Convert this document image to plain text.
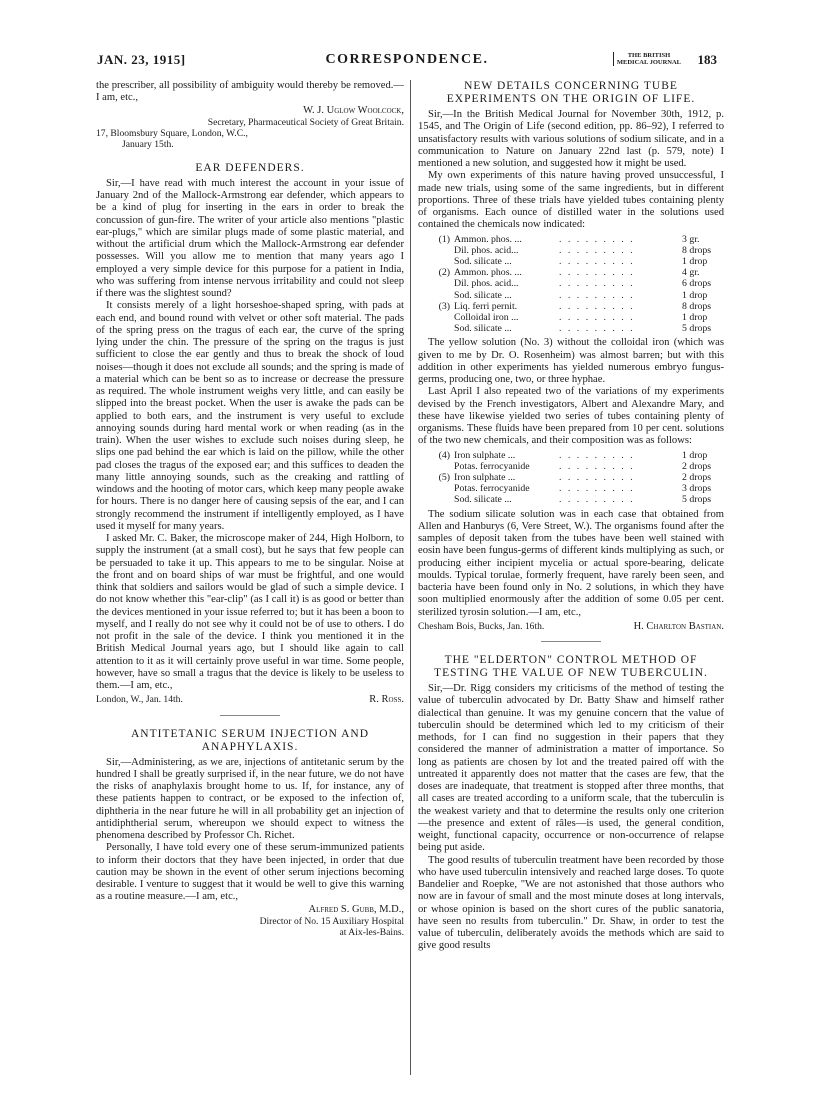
JAN. 23, 1915]	CORRESPONDENCE.	THE BRITISH
MEDICAL JOURNAL 183

the prescriber, all possibility of ambiguity would thereby be removed.—I am, etc.,

W. J. Uglow Woolcock,
Secretary, Pharmaceutical Society of Great Britain.
17, Bloomsbury Square, London, W.C.,
January 15th.
EAR DEFENDERS.

Sir,—I have read with much interest the account in your issue of January 2nd of the Mallock-Armstrong ear defender, which appears to be a kind of plug for inserting in the ears in order to break the concussion of gun-fire. The writer of your article also mentions "plastic ear-plugs," which are similar plugs made of some plastic material, and without the artificial drum which the Mallock-Armstrong ear defender possesses. Will you allow me to mention that many years ago I employed a very simple device for this purpose for a patient in India, who was suffering from intense nervous irritability and could not sleep if there was the slightest sound?

It consists merely of a light horseshoe-shaped spring, with pads at each end, and bound round with velvet or other soft material. The pads of the spring press on the tragus of each ear, the curve of the spring lying under the chin. The pressure of the spring on the tragus is just sufficient to close the ear gently and thus to break the shock of loud noises—though it does not exclude all sounds; and the spring is made of a material which can be bent so as to increase or decrease the pressure as required. The whole instrument weighs very little, and can easily be slipped into the breast pocket. When the user is awake the pads can be applied to both ears, and the instrument is very useful to exclude annoying sounds during hard mental work or when reading (as in the train). When the user wishes to exclude such noises during sleep, he slips one pad behind the ear which is laid on the pillow, while the other pad closes the tragus of the exposed ear; and this suffices to deaden the many little annoying sounds, such as the creaking and rattling of windows and the hooting of motor cars, which keep many people awake for hours. There is no danger here of causing sepsis of the ear, and I can strongly recommend the instrument if intelligently employed, as I have used it myself for many years.

I asked Mr. C. Baker, the microscope maker of 244, High Holborn, to supply the instrument (at a small cost), but he says that few people can be persuaded to take it up. This appears to me to be singular. Noise at the front and on board ships of war must be frightful, and one would think that soldiers and sailors would be glad of such a simple device. I do not know whether this "ear-clip" (as I call it) is as good or better than the devices mentioned in your issue referred to; but it has been a boon to myself, and I really do not see why it could not be of use to others. I do not profit in the sale of the device. I think you mentioned it in the British Medical Journal years ago, but I should like again to call attention to it as it will certainly prove useful in war time. Some people, however, have so small a tragus that the device is likely to be useless to them.—I am, etc.,

London, W., Jan. 14th.	R. Ross.
ANTITETANIC SERUM INJECTION AND ANAPHYLAXIS.

Sir,—Administering, as we are, injections of antitetanic serum by the hundred I shall be greatly surprised if, in the near future, we do not have the risks of anaphylaxis brought home to us. If, for instance, any of these patients happen to contract, or be exposed to the infection of, diphtheria in the near future he will in all probability get an injection of antidiphtherial serum, whereupon we should expect to witness the phenomena described by Professor Ch. Richet.

Personally, I have told every one of these serum-immunized patients to inform their doctors that they have been injected, in order that due caution may be shown in the event of other serum injections becoming desirable. I venture to suggest that it would be well to give this warning as a routine measure.—I am, etc.,

Alfred S. Gubb, M.D.,
Director of No. 15 Auxiliary Hospital
at Aix-les-Bains.
NEW DETAILS CONCERNING TUBE EXPERIMENTS ON THE ORIGIN OF LIFE.

Sir,—In the British Medical Journal for November 30th, 1912, p. 1545, and The Origin of Life (second edition, pp. 86–92), I referred to unsatisfactory results with various solutions of sodium silicate, and in a communication to Nature on January 22nd last (p. 579, note) I mentioned a new solution, and suggested how it might be used.

My own experiments of this nature having proved unsuccessful, I made new trials, using some of the same ingredients, but in different proportions. Three of these trials have yielded tubes containing plenty of organisms. Each ounce of distilled water in the solutions used contained the chemicals now indicated:

(1) Ammon. phos. ...	. . . . . . . . .	3 gr.
Dil. phos. acid...	. . . . . . . . .	8 drops
Sod. silicate ...	. . . . . . . . .	1 drop
(2) Ammon. phos. ...	. . . . . . . . .	4 gr.
Dil. phos. acid...	. . . . . . . . .	6 drops
Sod. silicate ...	. . . . . . . . .	1 drop
(3) Liq. ferri pernit.	. . . . . . . . .	8 drops
Colloidal iron ...	. . . . . . . . .	1 drop
Sod. silicate ...	. . . . . . . . .	5 drops

The yellow solution (No. 3) without the colloidal iron (which was given to me by Dr. O. Rosenheim) was almost barren; but with this addition in other experiments has yielded numerous embryo fungus-germs, producing one, two, or three hyphae.

Last April I also repeated two of the variations of my experiments devised by the French investigators, Albert and Alexandre Mary, and these have likewise yielded two series of tubes containing plenty of organisms. These fluids have been prepared from 10 per cent. solutions of the two new chemicals, and their composition was as follows:

(4) Iron sulphate ...	. . . . . . . . .	1 drop
Potas. ferrocyanide	. . . . . . . . .	2 drops
(5) Iron sulphate ...	. . . . . . . . .	2 drops
Potas. ferrocyanide	. . . . . . . . .	3 drops
Sod. silicate ...	. . . . . . . . .	5 drops

The sodium silicate solution was in each case that obtained from Allen and Hanburys (6, Vere Street, W.). The organisms found after the samples of deposit taken from the tubes have been well stained with eosin have been fungus-germs of different kinds multiplying as such, or producing either incipient mycelia or actual spore-bearing, delicate moulds. Typical torulae, formerly frequent, have rarely been seen, and bacteria have been found only in No. 2 solutions, in which they have soon multiplied enormously after the addition of some 0.05 per cent. sterilized tyrosin solution.—I am, etc.,

Chesham Bois, Bucks, Jan. 16th.	H. Charlton Bastian.
THE "ELDERTON" CONTROL METHOD OF TESTING THE VALUE OF NEW TUBERCULIN.

Sir,—Dr. Rigg considers my criticisms of the method of testing the value of tuberculin advocated by Dr. Batty Shaw and himself rather dialectical than genuine. It was my genuine concern that the value of tuberculin should be determined which led to my criticism of their methods, for I can find no suggestion in their papers that they considered the manner of administration a matter of importance. So long as patients are chosen by lot and the treated paired off with the untreated it apparently does not matter that the cases are few, that the doses are inadequate, that treatment is stopped after three months, that all cases are treated according to a uniform scale, that the tuberculin is the weakest variety and that to determine the results only one criterion—the presence and extent of râles—is used, the general condition, weight, functional capacity, occurrence or non-occurrence of relapse being put aside.

The good results of tuberculin treatment have been recorded by those who have used tuberculin intensively and reached large doses. To quote Bandelier and Roepke, "We are not astonished that those authors who now are in favour of small and the most minute doses at long intervals, or whose opinion is based on the short cures of the public sanatoria, have seen no results from tuberculin." Dr. Shaw, in order to test the value of tuberculin, deliberately avoids the methods which are said to give good results
